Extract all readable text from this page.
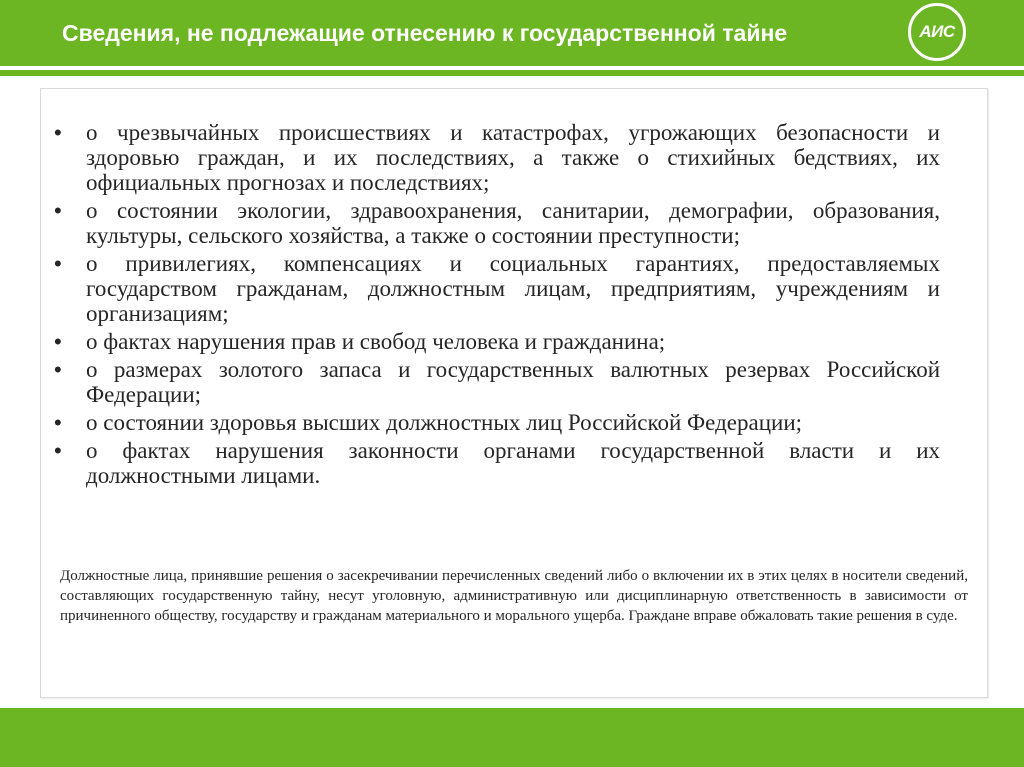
Сведения, не подлежащие отнесению к государственной тайне	АИС
•	о чрезвычайных происшествиях и катастрофах, угрожающих безопасности и здоровью граждан, и их последствиях, а также о стихийных бедствиях, их официальных прогнозах и последствиях;
•	о состоянии экологии, здравоохранения, санитарии, демографии, образования, культуры, сельского хозяйства, а также о состоянии преступности;
•	о привилегиях, компенсациях и социальных гарантиях, предоставляемых государством гражданам, должностным лицам, предприятиям, учреждениям и организациям;
•	о фактах нарушения прав и свобод человека и гражданина;
•	о размерах золотого запаса и государственных валютных резервах Российской Федерации;
•	о состоянии здоровья высших должностных лиц Российской Федерации;
•	о фактах нарушения законности органами государственной власти и их должностными лицами.
Должностные лица, принявшие решения о засекречивании перечисленных сведений либо о включении их в этих целях в носители сведений, составляющих государственную тайну, несут уголовную, административную или дисциплинарную ответственность в зависимости от причиненного обществу, государству и гражданам материального и морального ущерба. Граждане вправе обжаловать такие решения в суде.
